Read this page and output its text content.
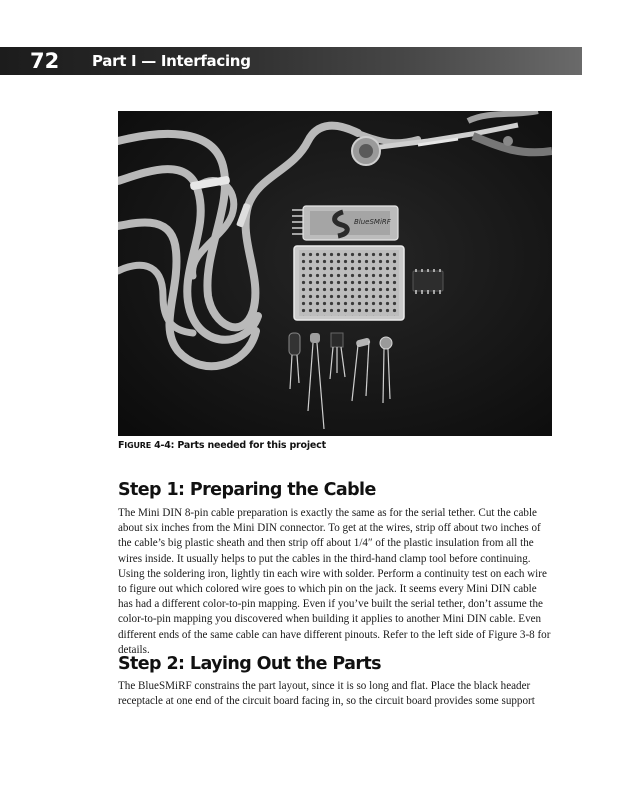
72 Part I — Interfacing
BlueSMiRF
FIGURE 4-4: Parts needed for this project
Step 1: Preparing the Cable

The Mini DIN 8-pin cable preparation is exactly the same as for the serial tether. Cut the cable about six inches from the Mini DIN connector. To get at the wires, strip off about two inches of the cable’s big plastic sheath and then strip off about 1/4″ of the plastic insulation from all the wires inside. It usually helps to put the cables in the third-hand clamp tool before continuing. Using the soldering iron, lightly tin each wire with solder. Perform a continuity test on each wire to figure out which colored wire goes to which pin on the jack. It seems every Mini DIN cable has had a different color-to-pin mapping. Even if you’ve built the serial tether, don’t assume the color-to-pin mapping you discovered when building it applies to another Mini DIN cable. Even different ends of the same cable can have different pinouts. Refer to the left side of Figure 3-8 for details.

Step 2: Laying Out the Parts

The BlueSMiRF constrains the part layout, since it is so long and flat. Place the black header receptacle at one end of the circuit board facing in, so the circuit board provides some support
